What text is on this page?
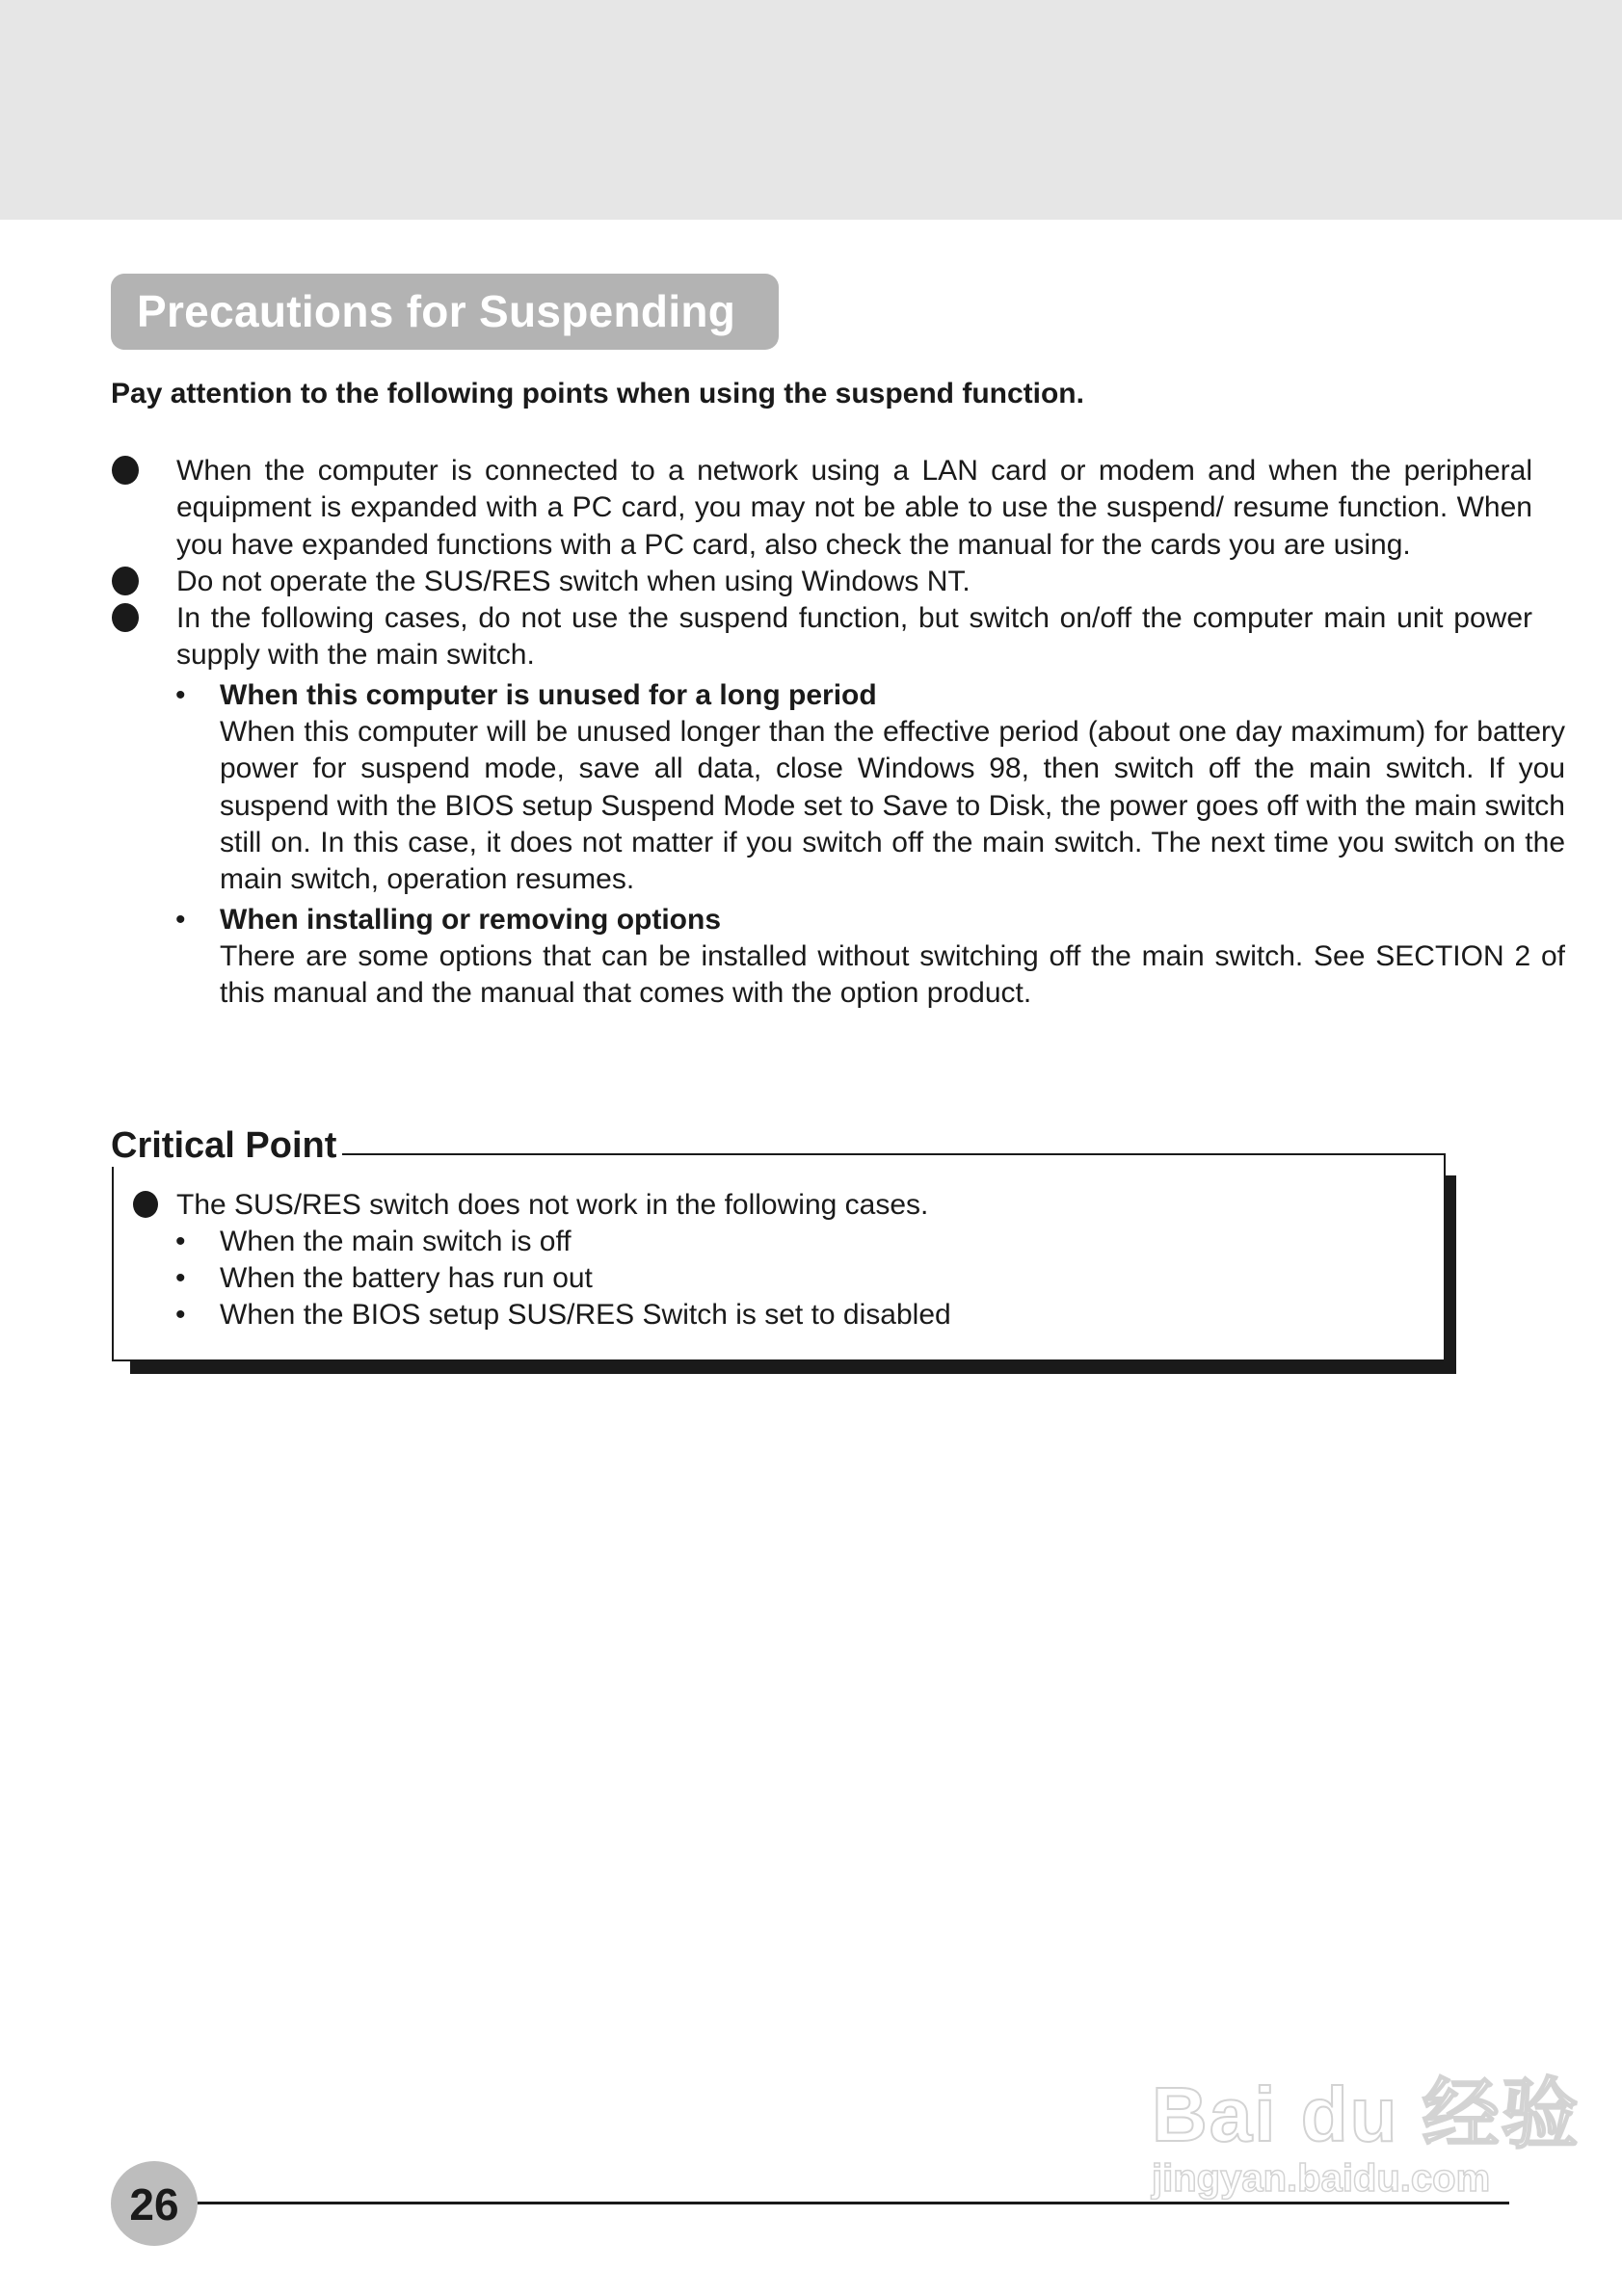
Precautions for Suspending
Pay attention to the following points when using the suspend function.
When the computer is connected to a network using a LAN card or modem and when the peripheral equipment is expanded with a PC card, you may not be able to use the suspend/ resume function. When you have expanded functions with a PC card, also check the manual for the cards you are using.
Do not operate the SUS/RES switch when using Windows NT.
In the following cases, do not use the suspend function, but switch on/off the computer main unit power supply with the main switch.
• When this computer is unused for a long period
When this computer will be unused longer than the effective period (about one day maximum) for battery power for suspend mode, save all data, close Windows 98, then switch off the main switch. If you suspend with the BIOS setup Suspend Mode set to Save to Disk, the power goes off with the main switch still on. In this case, it does not matter if you switch off the main switch. The next time you switch on the main switch, operation resumes.
• When installing or removing options
There are some options that can be installed without switching off the main switch. See SECTION 2 of this manual and the manual that comes with the option product.
Critical Point
The SUS/RES switch does not work in the following cases.
• When the main switch is off
• When the battery has run out
• When the BIOS setup SUS/RES Switch is set to disabled
26
Bai du 经验
jingyan.baidu.com
